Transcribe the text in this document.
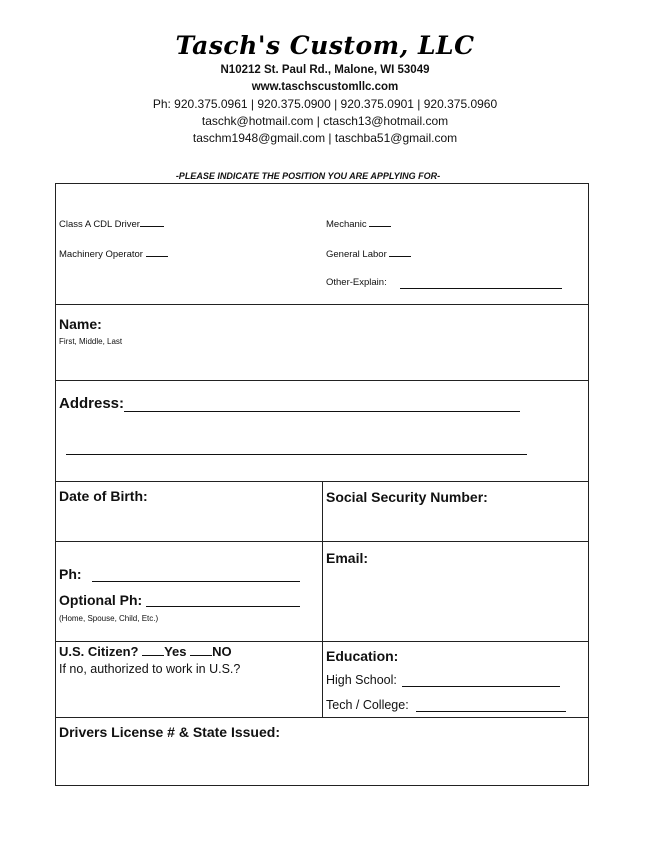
Tasch's Custom, LLC
N10212 St. Paul Rd., Malone, WI 53049
www.taschscustomllc.com
Ph: 920.375.0961 | 920.375.0900 | 920.375.0901 | 920.375.0960
taschk@hotmail.com | ctasch13@hotmail.com
taschm1948@gmail.com | taschba51@gmail.com
-PLEASE INDICATE THE POSITION YOU ARE APPLYING FOR-
Class A CDL Driver	Mechanic
Machinery Operator	General Labor
Other-Explain:
Name:
First, Middle, Last
Address:
Date of Birth:	Social Security Number:
Ph:
Optional Ph:
(Home, Spouse, Child, Etc.)
Email:
U.S. Citizen? Yes NO
If no, authorized to work in U.S.?
Education:
High School:
Tech / College:
Drivers License # & State Issued:
